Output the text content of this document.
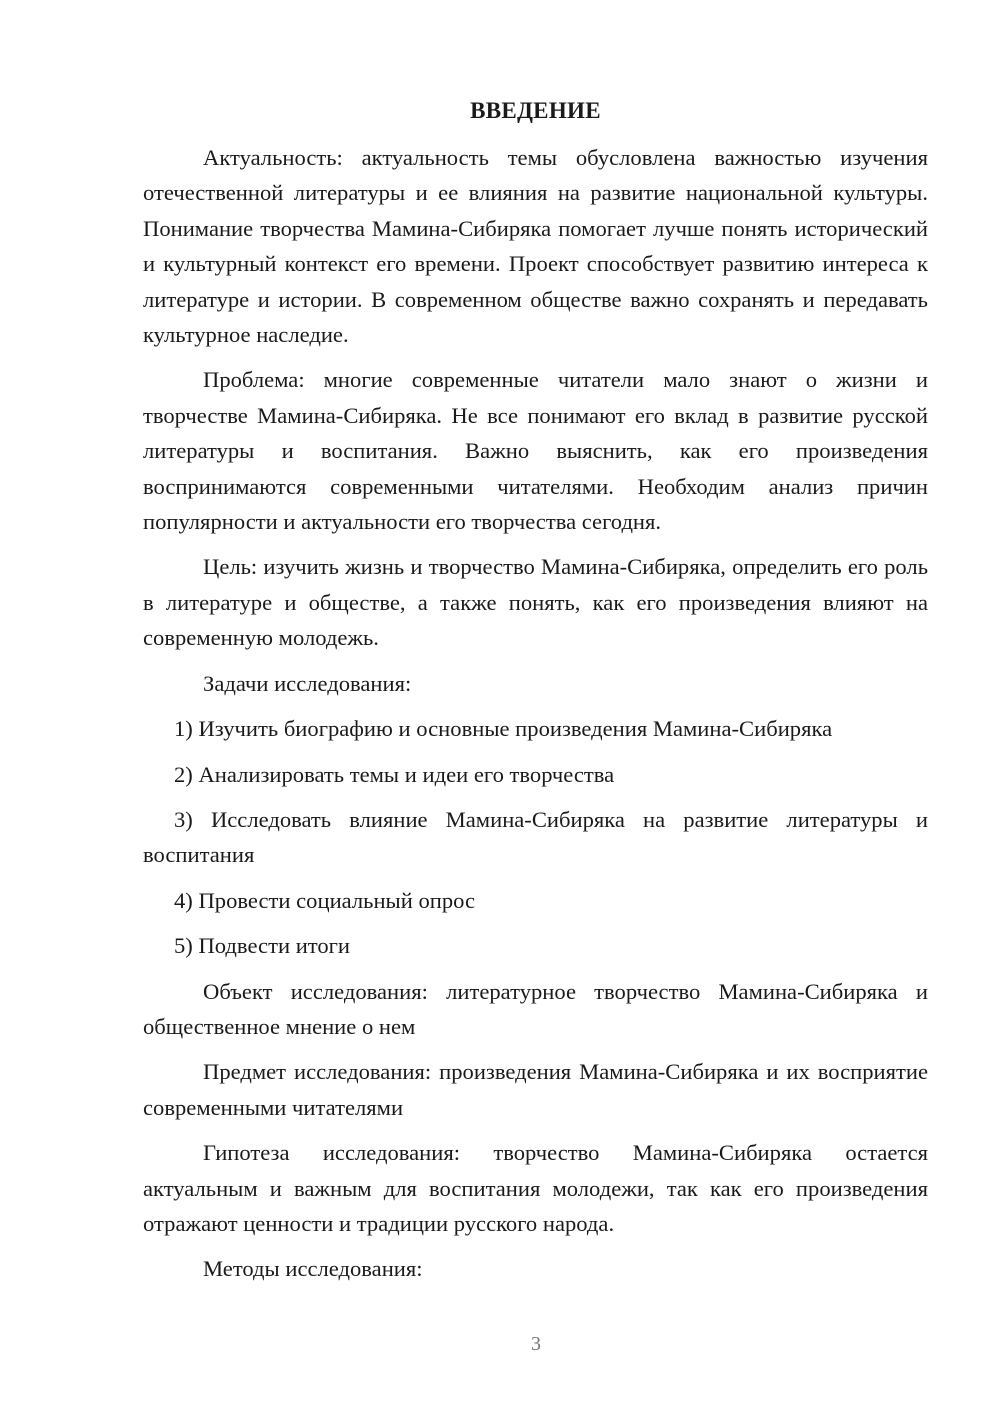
ВВЕДЕНИЕ

Актуальность: актуальность темы обусловлена важностью изучения отечественной литературы и ее влияния на развитие национальной культуры. Понимание творчества Мамина-Сибиряка помогает лучше понять исторический и культурный контекст его времени. Проект способствует развитию интереса к литературе и истории. В современном обществе важно сохранять и передавать культурное наследие.

Проблема: многие современные читатели мало знают о жизни и творчестве Мамина-Сибиряка. Не все понимают его вклад в развитие русской литературы и воспитания. Важно выяснить, как его произведения воспринимаются современными читателями. Необходим анализ причин популярности и актуальности его творчества сегодня.

Цель: изучить жизнь и творчество Мамина-Сибиряка, определить его роль в литературе и обществе, а также понять, как его произведения влияют на современную молодежь.

Задачи исследования:

1) Изучить биографию и основные произведения Мамина-Сибиряка

2) Анализировать темы и идеи его творчества

3) Исследовать влияние Мамина-Сибиряка на развитие литературы и воспитания

4) Провести социальный опрос

5) Подвести итоги

Объект исследования: литературное творчество Мамина-Сибиряка и общественное мнение о нем

Предмет исследования: произведения Мамина-Сибиряка и их восприятие современными читателями

Гипотеза исследования: творчество Мамина-Сибиряка остается актуальным и важным для воспитания молодежи, так как его произведения отражают ценности и традиции русского народа.

Методы исследования:

3
